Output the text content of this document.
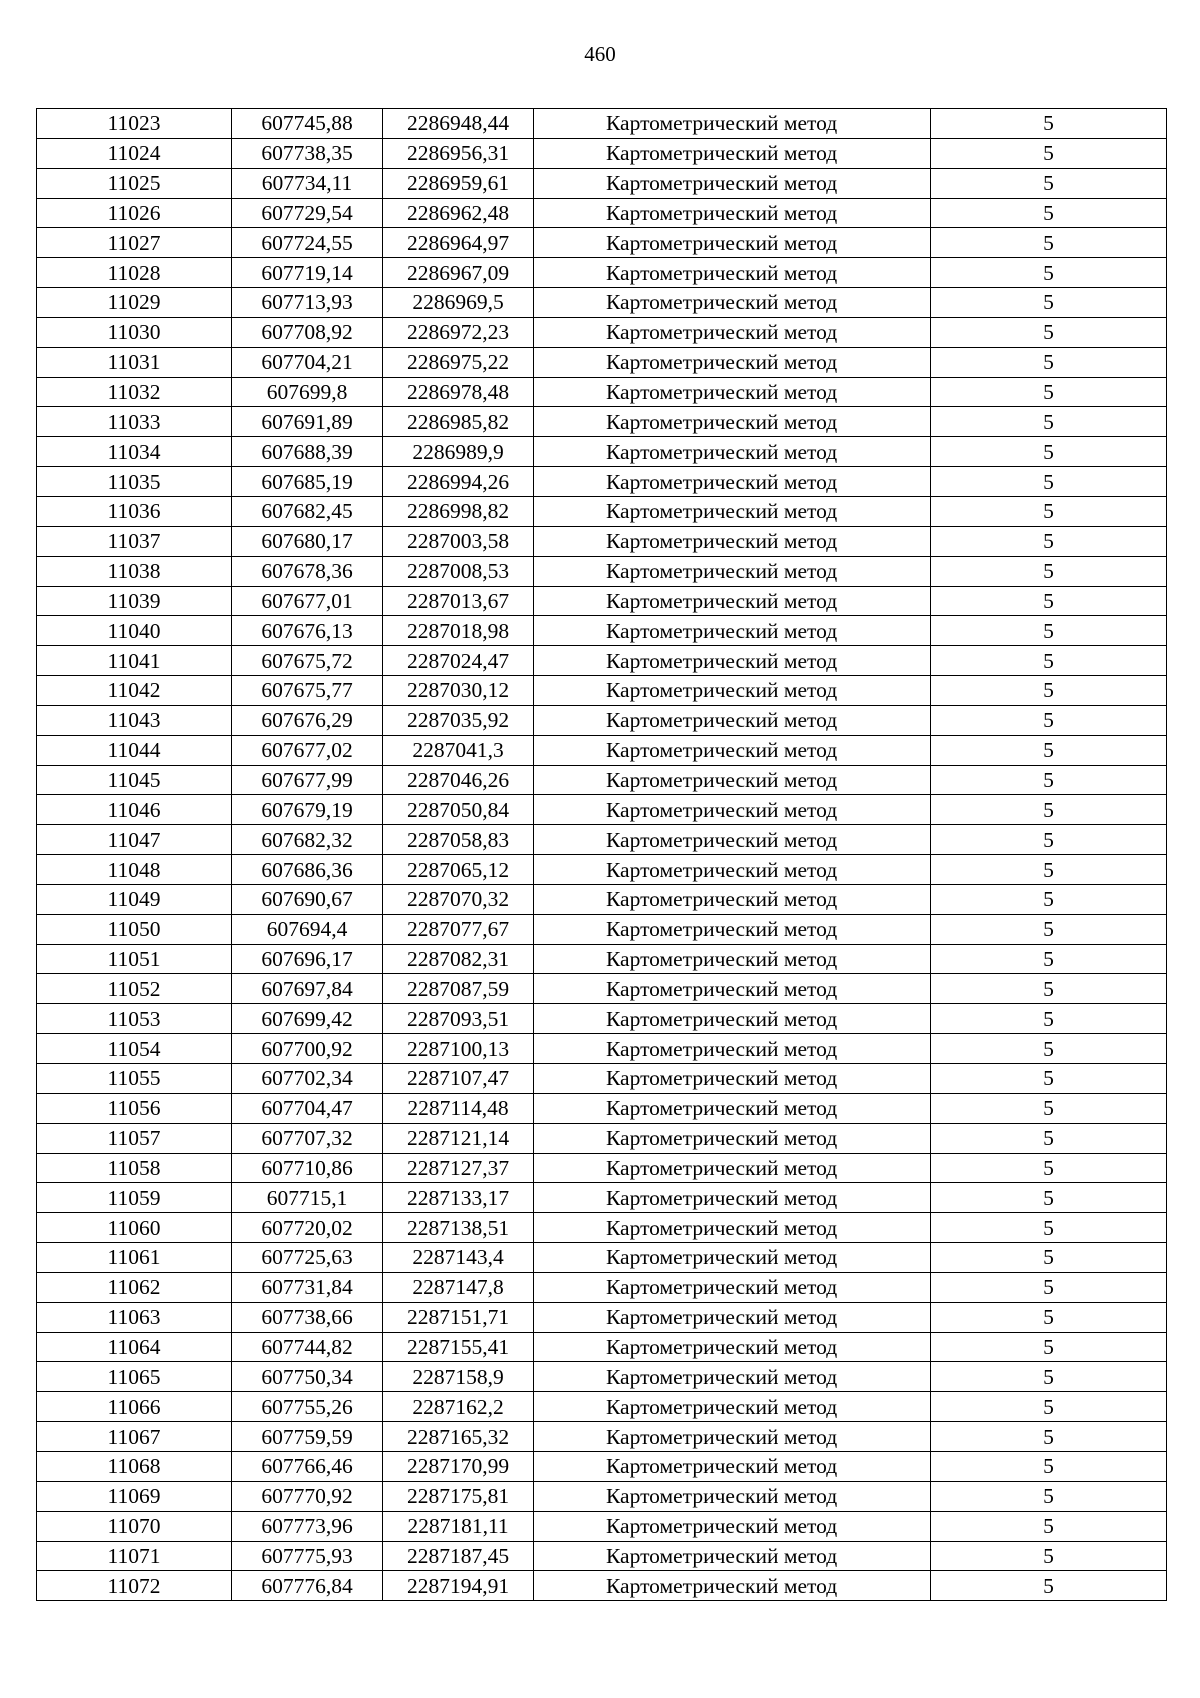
460
11023	607745,88	2286948,44	Картометрический метод	5
11024	607738,35	2286956,31	Картометрический метод	5
11025	607734,11	2286959,61	Картометрический метод	5
11026	607729,54	2286962,48	Картометрический метод	5
11027	607724,55	2286964,97	Картометрический метод	5
11028	607719,14	2286967,09	Картометрический метод	5
11029	607713,93	2286969,5	Картометрический метод	5
11030	607708,92	2286972,23	Картометрический метод	5
11031	607704,21	2286975,22	Картометрический метод	5
11032	607699,8	2286978,48	Картометрический метод	5
11033	607691,89	2286985,82	Картометрический метод	5
11034	607688,39	2286989,9	Картометрический метод	5
11035	607685,19	2286994,26	Картометрический метод	5
11036	607682,45	2286998,82	Картометрический метод	5
11037	607680,17	2287003,58	Картометрический метод	5
11038	607678,36	2287008,53	Картометрический метод	5
11039	607677,01	2287013,67	Картометрический метод	5
11040	607676,13	2287018,98	Картометрический метод	5
11041	607675,72	2287024,47	Картометрический метод	5
11042	607675,77	2287030,12	Картометрический метод	5
11043	607676,29	2287035,92	Картометрический метод	5
11044	607677,02	2287041,3	Картометрический метод	5
11045	607677,99	2287046,26	Картометрический метод	5
11046	607679,19	2287050,84	Картометрический метод	5
11047	607682,32	2287058,83	Картометрический метод	5
11048	607686,36	2287065,12	Картометрический метод	5
11049	607690,67	2287070,32	Картометрический метод	5
11050	607694,4	2287077,67	Картометрический метод	5
11051	607696,17	2287082,31	Картометрический метод	5
11052	607697,84	2287087,59	Картометрический метод	5
11053	607699,42	2287093,51	Картометрический метод	5
11054	607700,92	2287100,13	Картометрический метод	5
11055	607702,34	2287107,47	Картометрический метод	5
11056	607704,47	2287114,48	Картометрический метод	5
11057	607707,32	2287121,14	Картометрический метод	5
11058	607710,86	2287127,37	Картометрический метод	5
11059	607715,1	2287133,17	Картометрический метод	5
11060	607720,02	2287138,51	Картометрический метод	5
11061	607725,63	2287143,4	Картометрический метод	5
11062	607731,84	2287147,8	Картометрический метод	5
11063	607738,66	2287151,71	Картометрический метод	5
11064	607744,82	2287155,41	Картометрический метод	5
11065	607750,34	2287158,9	Картометрический метод	5
11066	607755,26	2287162,2	Картометрический метод	5
11067	607759,59	2287165,32	Картометрический метод	5
11068	607766,46	2287170,99	Картометрический метод	5
11069	607770,92	2287175,81	Картометрический метод	5
11070	607773,96	2287181,11	Картометрический метод	5
11071	607775,93	2287187,45	Картометрический метод	5
11072	607776,84	2287194,91	Картометрический метод	5
